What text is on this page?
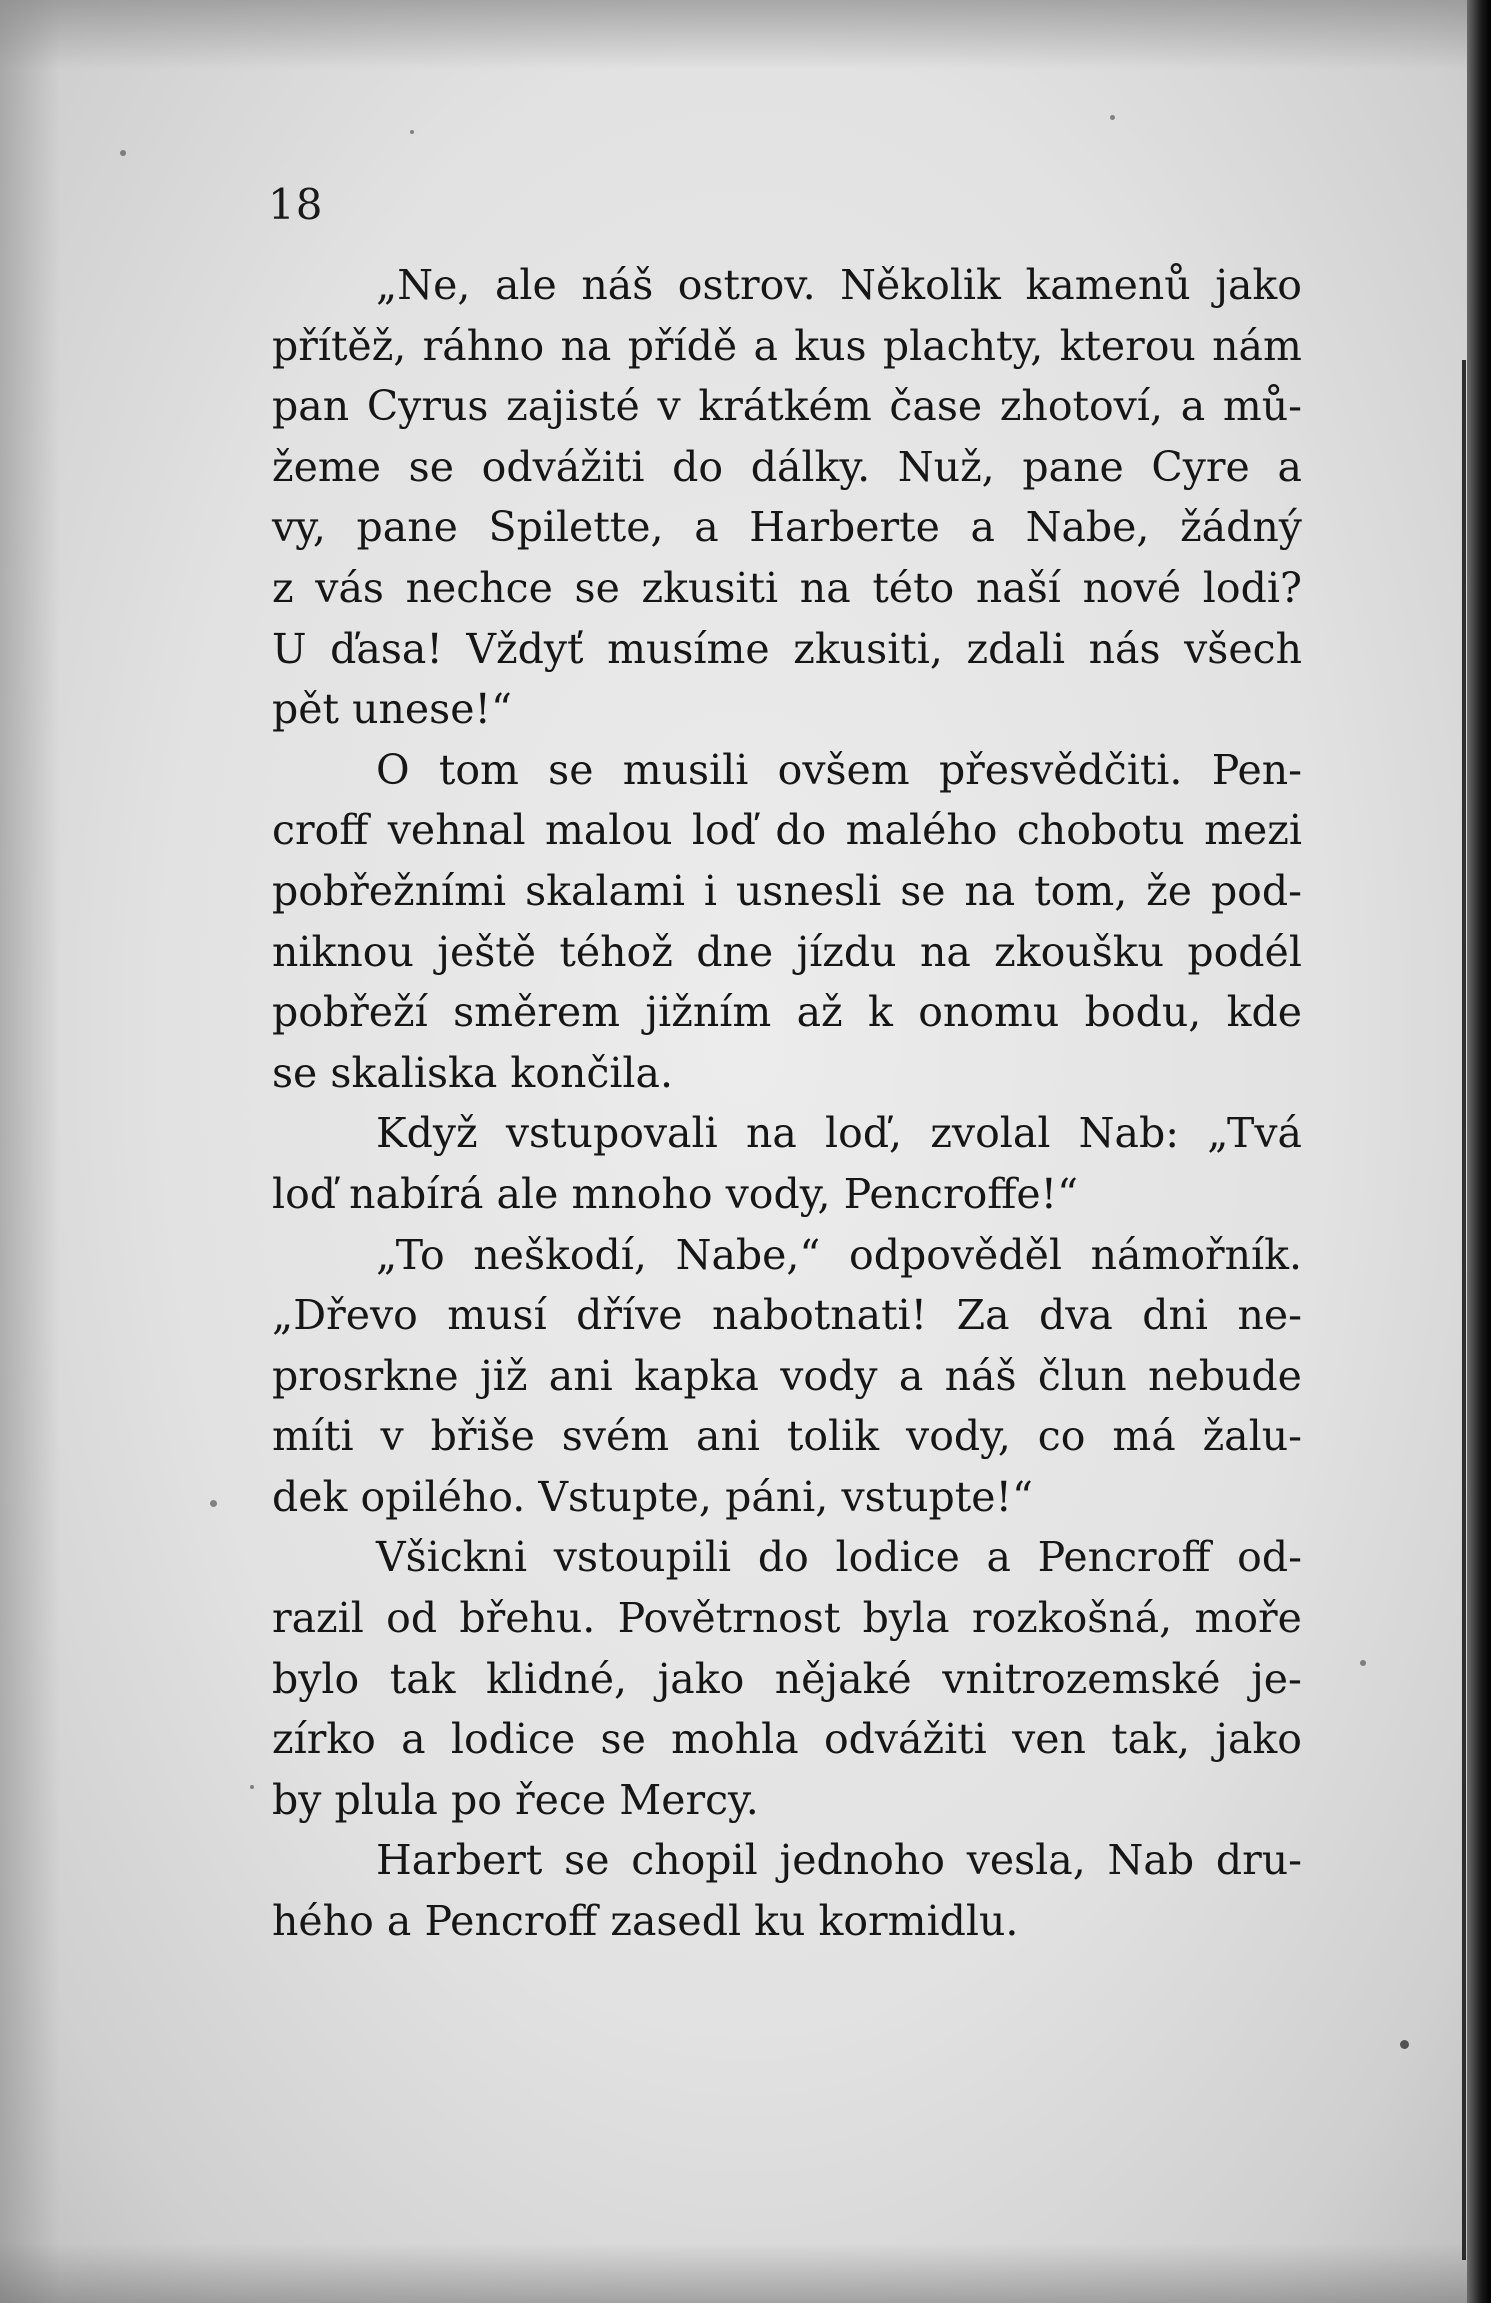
18
„Ne, ale náš ostrov. Několik kamenů jako
přítěž, ráhno na přídě a kus plachty, kterou nám
pan Cyrus zajisté v krátkém čase zhotoví, a mů-
žeme se odvážiti do dálky. Nuž, pane Cyre a
vy, pane Spilette, a Harberte a Nabe, žádný
z vás nechce se zkusiti na této naší nové lodi?
U ďasa! Vždyť musíme zkusiti, zdali nás všech
pět unese!“
O tom se musili ovšem přesvědčiti. Pen-
croff vehnal malou loď do malého chobotu mezi
pobřežními skalami i usnesli se na tom, že pod-
niknou ještě téhož dne jízdu na zkoušku podél
pobřeží směrem jižním až k onomu bodu, kde
se skaliska končila.
Když vstupovali na loď, zvolal Nab: „Tvá
loď nabírá ale mnoho vody, Pencroffe!“
„To neškodí, Nabe,“ odpověděl námořník.
„Dřevo musí dříve nabotnati! Za dva dni ne-
prosrkne již ani kapka vody a náš člun nebude
míti v břiše svém ani tolik vody, co má žalu-
dek opilého. Vstupte, páni, vstupte!“
Všickni vstoupili do lodice a Pencroff od-
razil od břehu. Povětrnost byla rozkošná, moře
bylo tak klidné, jako nějaké vnitrozemské je-
zírko a lodice se mohla odvážiti ven tak, jako
by plula po řece Mercy.
Harbert se chopil jednoho vesla, Nab dru-
hého a Pencroff zasedl ku kormidlu.
